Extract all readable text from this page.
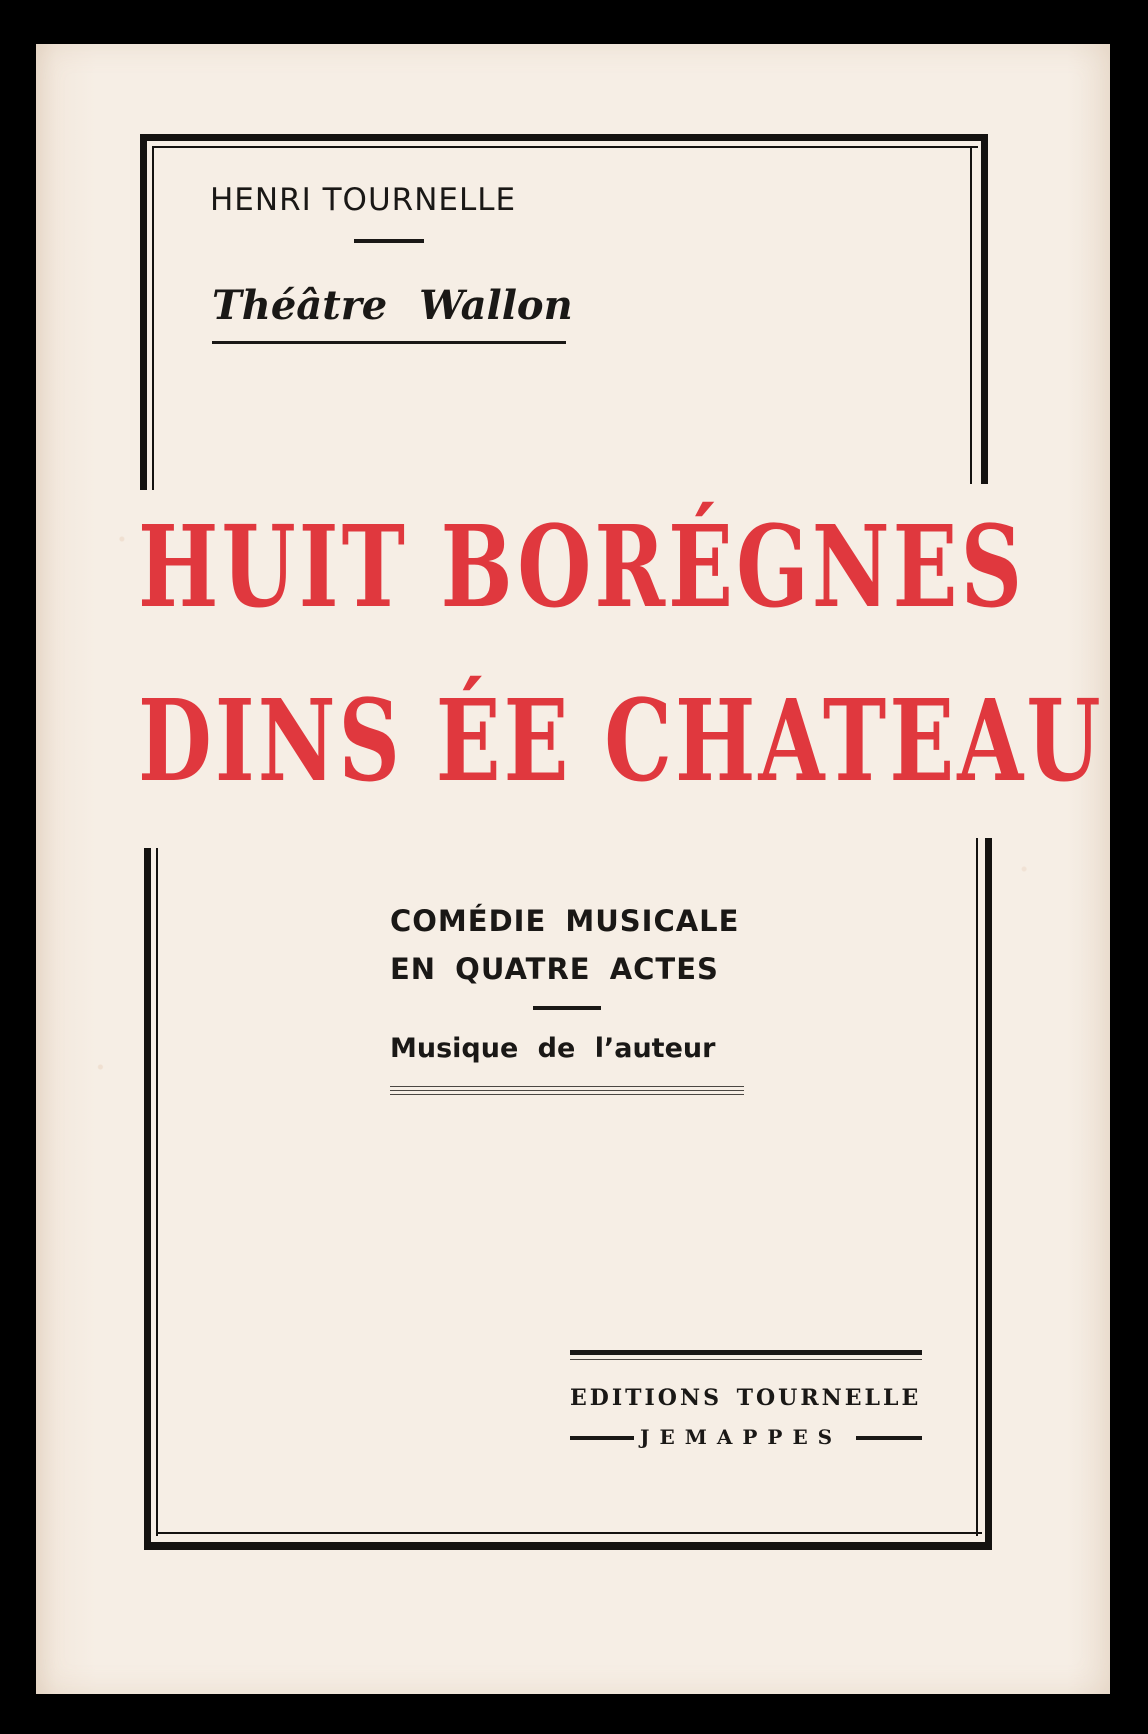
HENRI TOURNELLE
Théâtre Wallon
HUIT BORÉGNES
DINS ÉE CHATEAU
COMÉDIE MUSICALE
EN QUATRE ACTES
Musique de l’auteur
EDITIONS TOURNELLE
JEMAPPES
